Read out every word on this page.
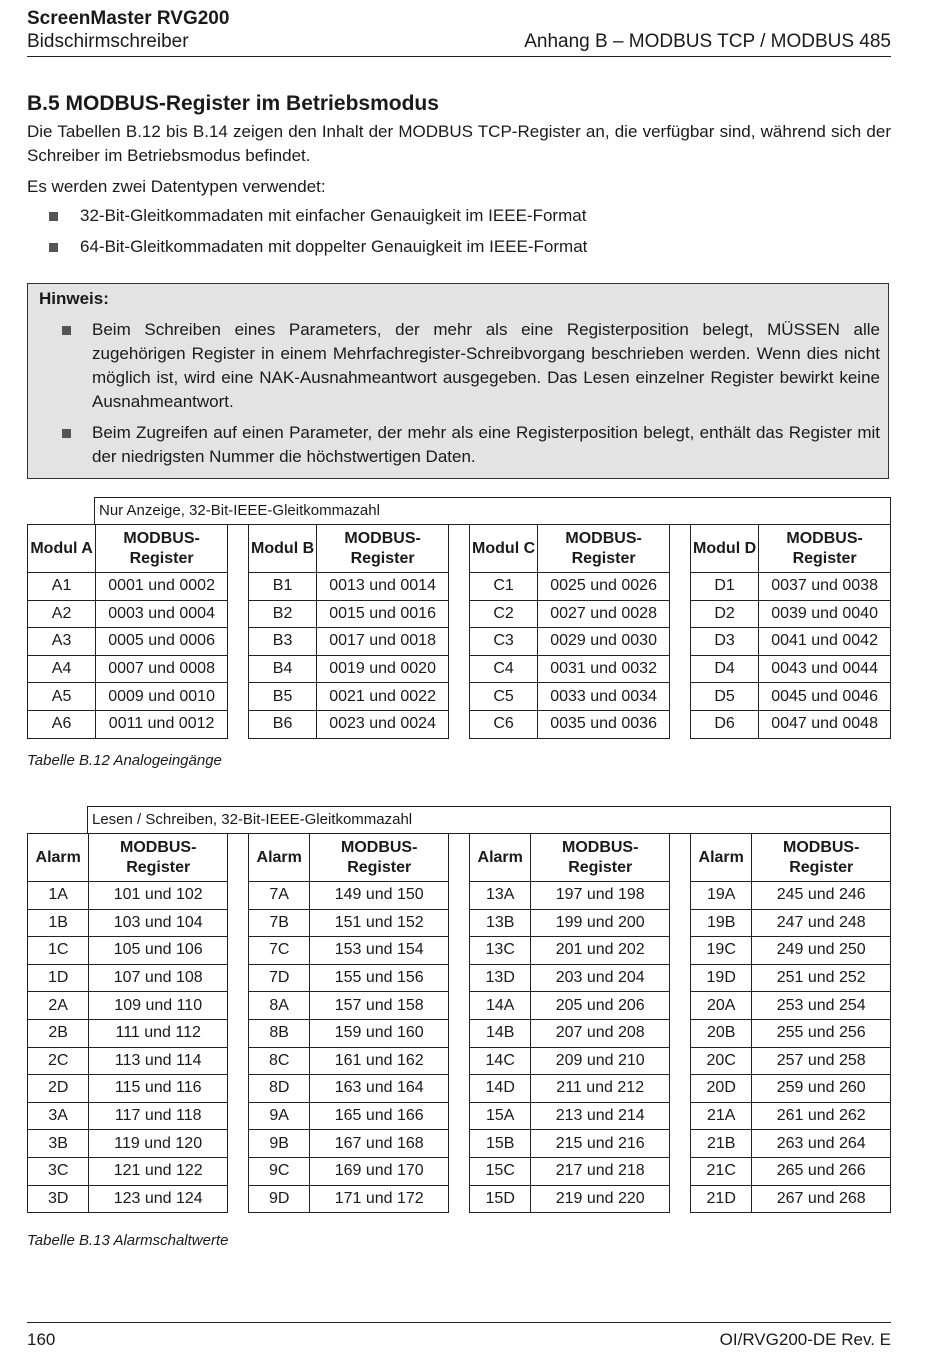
ScreenMaster RVG200
Bidschirmschreiber	Anhang B – MODBUS TCP / MODBUS 485
B.5 MODBUS-Register im Betriebsmodus

Die Tabellen B.12 bis B.14 zeigen den Inhalt der MODBUS TCP-Register an, die verfügbar sind, während sich der Schreiber im Betriebsmodus befindet.

Es werden zwei Datentypen verwendet:

32-Bit-Gleitkommadaten mit einfacher Genauigkeit im IEEE-Format
64-Bit-Gleitkommadaten mit doppelter Genauigkeit im IEEE-Format
Hinweis:
Beim Schreiben eines Parameters, der mehr als eine Registerposition belegt, MÜSSEN alle zugehörigen Register in einem Mehrfachregister-Schreibvorgang beschrieben werden. Wenn dies nicht möglich ist, wird eine NAK-Ausnahmeantwort ausgegeben. Das Lesen einzelner Register bewirkt keine Ausnahmeantwort.
Beim Zugreifen auf einen Parameter, der mehr als eine Registerposition belegt, enthält das Register mit der niedrigsten Nummer die höchstwertigen Daten.
Nur Anzeige, 32-Bit-IEEE-Gleitkommazahl
Modul A	MODBUS-Register
A1	0001 und 0002
A2	0003 und 0004
A3	0005 und 0006
A4	0007 und 0008
A5	0009 und 0010
A6	0011 und 0012
Modul B	MODBUS-Register
B1	0013 und 0014
B2	0015 und 0016
B3	0017 und 0018
B4	0019 und 0020
B5	0021 und 0022
B6	0023 und 0024
Modul C	MODBUS-Register
C1	0025 und 0026
C2	0027 und 0028
C3	0029 und 0030
C4	0031 und 0032
C5	0033 und 0034
C6	0035 und 0036
Modul D	MODBUS-Register
D1	0037 und 0038
D2	0039 und 0040
D3	0041 und 0042
D4	0043 und 0044
D5	0045 und 0046
D6	0047 und 0048
Tabelle B.12 Analogeingänge
Lesen / Schreiben, 32-Bit-IEEE-Gleitkommazahl
Alarm	MODBUS-Register
1A	101 und 102
1B	103 und 104
1C	105 und 106
1D	107 und 108
2A	109 und 110
2B	111 und 112
2C	113 und 114
2D	115 und 116
3A	117 und 118
3B	119 und 120
3C	121 und 122
3D	123 und 124
Alarm	MODBUS-Register
7A	149 und 150
7B	151 und 152
7C	153 und 154
7D	155 und 156
8A	157 und 158
8B	159 und 160
8C	161 und 162
8D	163 und 164
9A	165 und 166
9B	167 und 168
9C	169 und 170
9D	171 und 172
Alarm	MODBUS-Register
13A	197 und 198
13B	199 und 200
13C	201 und 202
13D	203 und 204
14A	205 und 206
14B	207 und 208
14C	209 und 210
14D	211 und 212
15A	213 und 214
15B	215 und 216
15C	217 und 218
15D	219 und 220
Alarm	MODBUS-Register
19A	245 und 246
19B	247 und 248
19C	249 und 250
19D	251 und 252
20A	253 und 254
20B	255 und 256
20C	257 und 258
20D	259 und 260
21A	261 und 262
21B	263 und 264
21C	265 und 266
21D	267 und 268
Tabelle B.13 Alarmschaltwerte
160	OI/RVG200-DE Rev. E
